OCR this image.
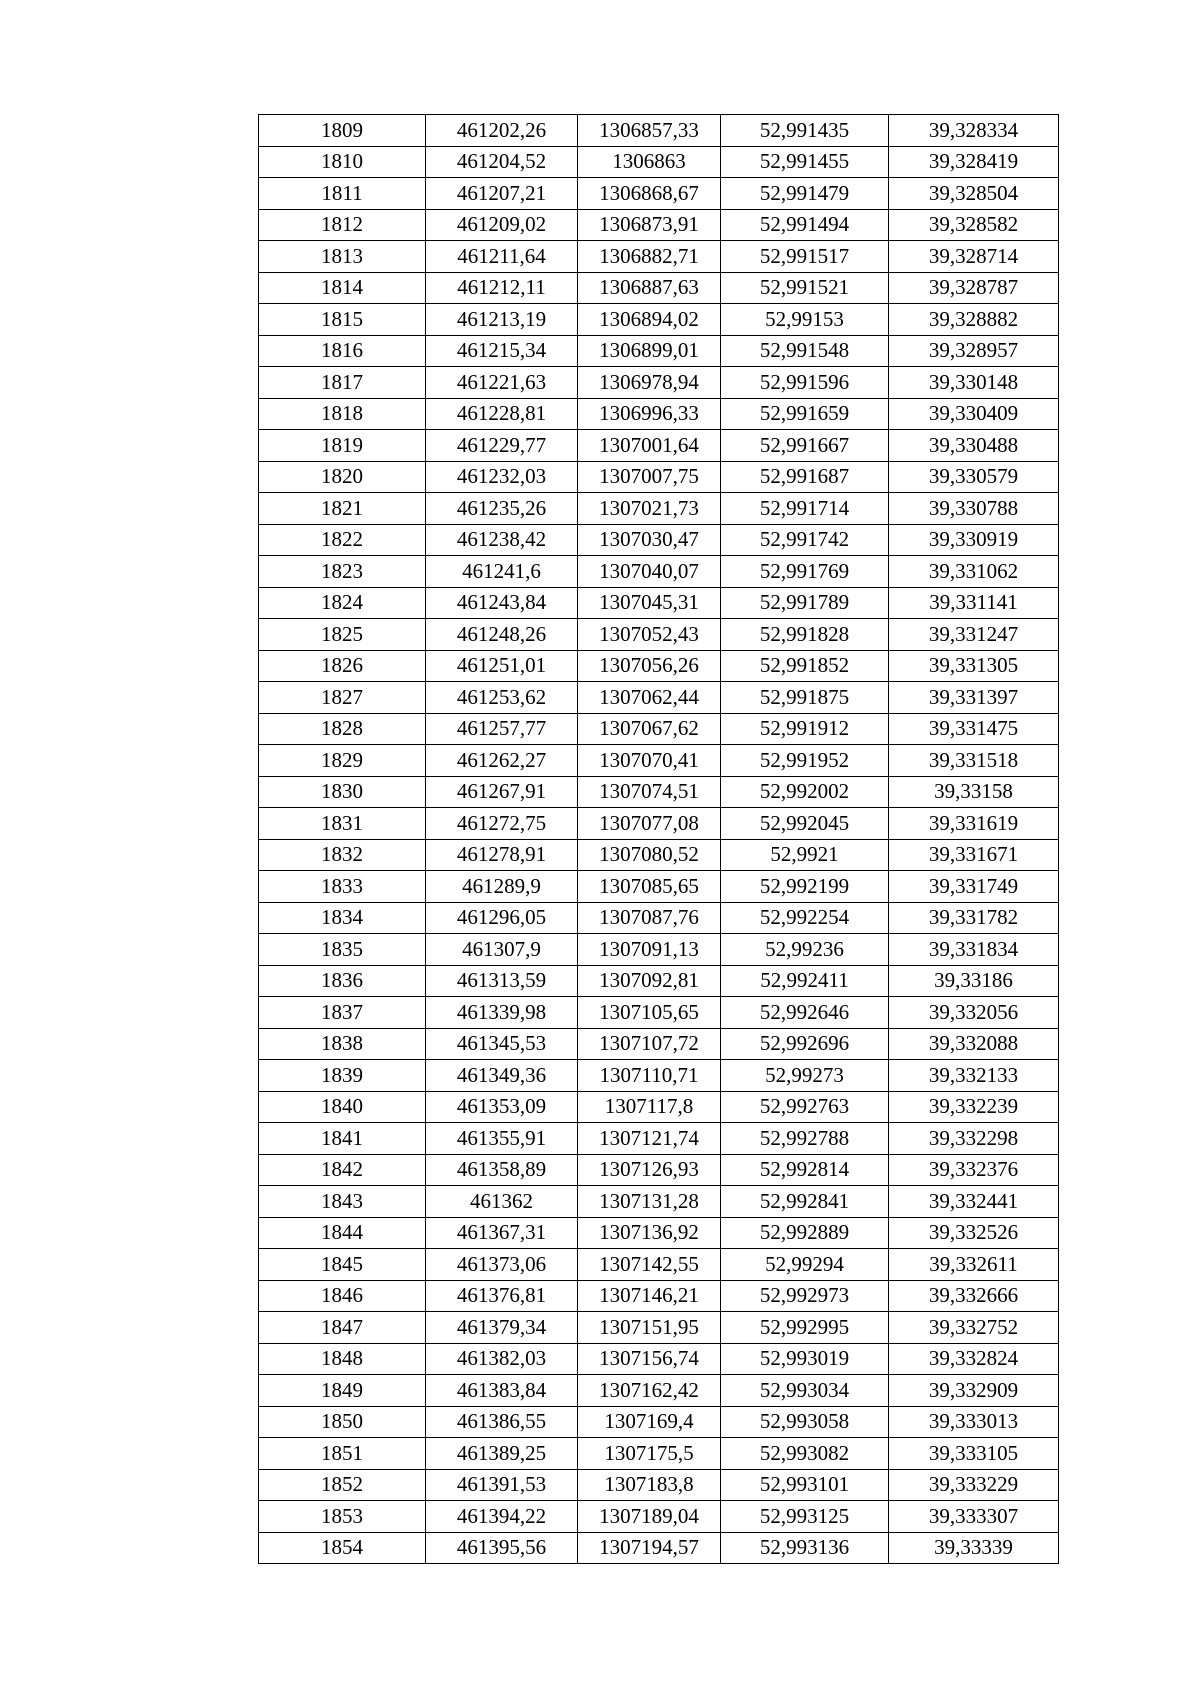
1809	461202,26	1306857,33	52,991435	39,328334
1810	461204,52	1306863	52,991455	39,328419
1811	461207,21	1306868,67	52,991479	39,328504
1812	461209,02	1306873,91	52,991494	39,328582
1813	461211,64	1306882,71	52,991517	39,328714
1814	461212,11	1306887,63	52,991521	39,328787
1815	461213,19	1306894,02	52,99153	39,328882
1816	461215,34	1306899,01	52,991548	39,328957
1817	461221,63	1306978,94	52,991596	39,330148
1818	461228,81	1306996,33	52,991659	39,330409
1819	461229,77	1307001,64	52,991667	39,330488
1820	461232,03	1307007,75	52,991687	39,330579
1821	461235,26	1307021,73	52,991714	39,330788
1822	461238,42	1307030,47	52,991742	39,330919
1823	461241,6	1307040,07	52,991769	39,331062
1824	461243,84	1307045,31	52,991789	39,331141
1825	461248,26	1307052,43	52,991828	39,331247
1826	461251,01	1307056,26	52,991852	39,331305
1827	461253,62	1307062,44	52,991875	39,331397
1828	461257,77	1307067,62	52,991912	39,331475
1829	461262,27	1307070,41	52,991952	39,331518
1830	461267,91	1307074,51	52,992002	39,33158
1831	461272,75	1307077,08	52,992045	39,331619
1832	461278,91	1307080,52	52,9921	39,331671
1833	461289,9	1307085,65	52,992199	39,331749
1834	461296,05	1307087,76	52,992254	39,331782
1835	461307,9	1307091,13	52,99236	39,331834
1836	461313,59	1307092,81	52,992411	39,33186
1837	461339,98	1307105,65	52,992646	39,332056
1838	461345,53	1307107,72	52,992696	39,332088
1839	461349,36	1307110,71	52,99273	39,332133
1840	461353,09	1307117,8	52,992763	39,332239
1841	461355,91	1307121,74	52,992788	39,332298
1842	461358,89	1307126,93	52,992814	39,332376
1843	461362	1307131,28	52,992841	39,332441
1844	461367,31	1307136,92	52,992889	39,332526
1845	461373,06	1307142,55	52,99294	39,332611
1846	461376,81	1307146,21	52,992973	39,332666
1847	461379,34	1307151,95	52,992995	39,332752
1848	461382,03	1307156,74	52,993019	39,332824
1849	461383,84	1307162,42	52,993034	39,332909
1850	461386,55	1307169,4	52,993058	39,333013
1851	461389,25	1307175,5	52,993082	39,333105
1852	461391,53	1307183,8	52,993101	39,333229
1853	461394,22	1307189,04	52,993125	39,333307
1854	461395,56	1307194,57	52,993136	39,33339
